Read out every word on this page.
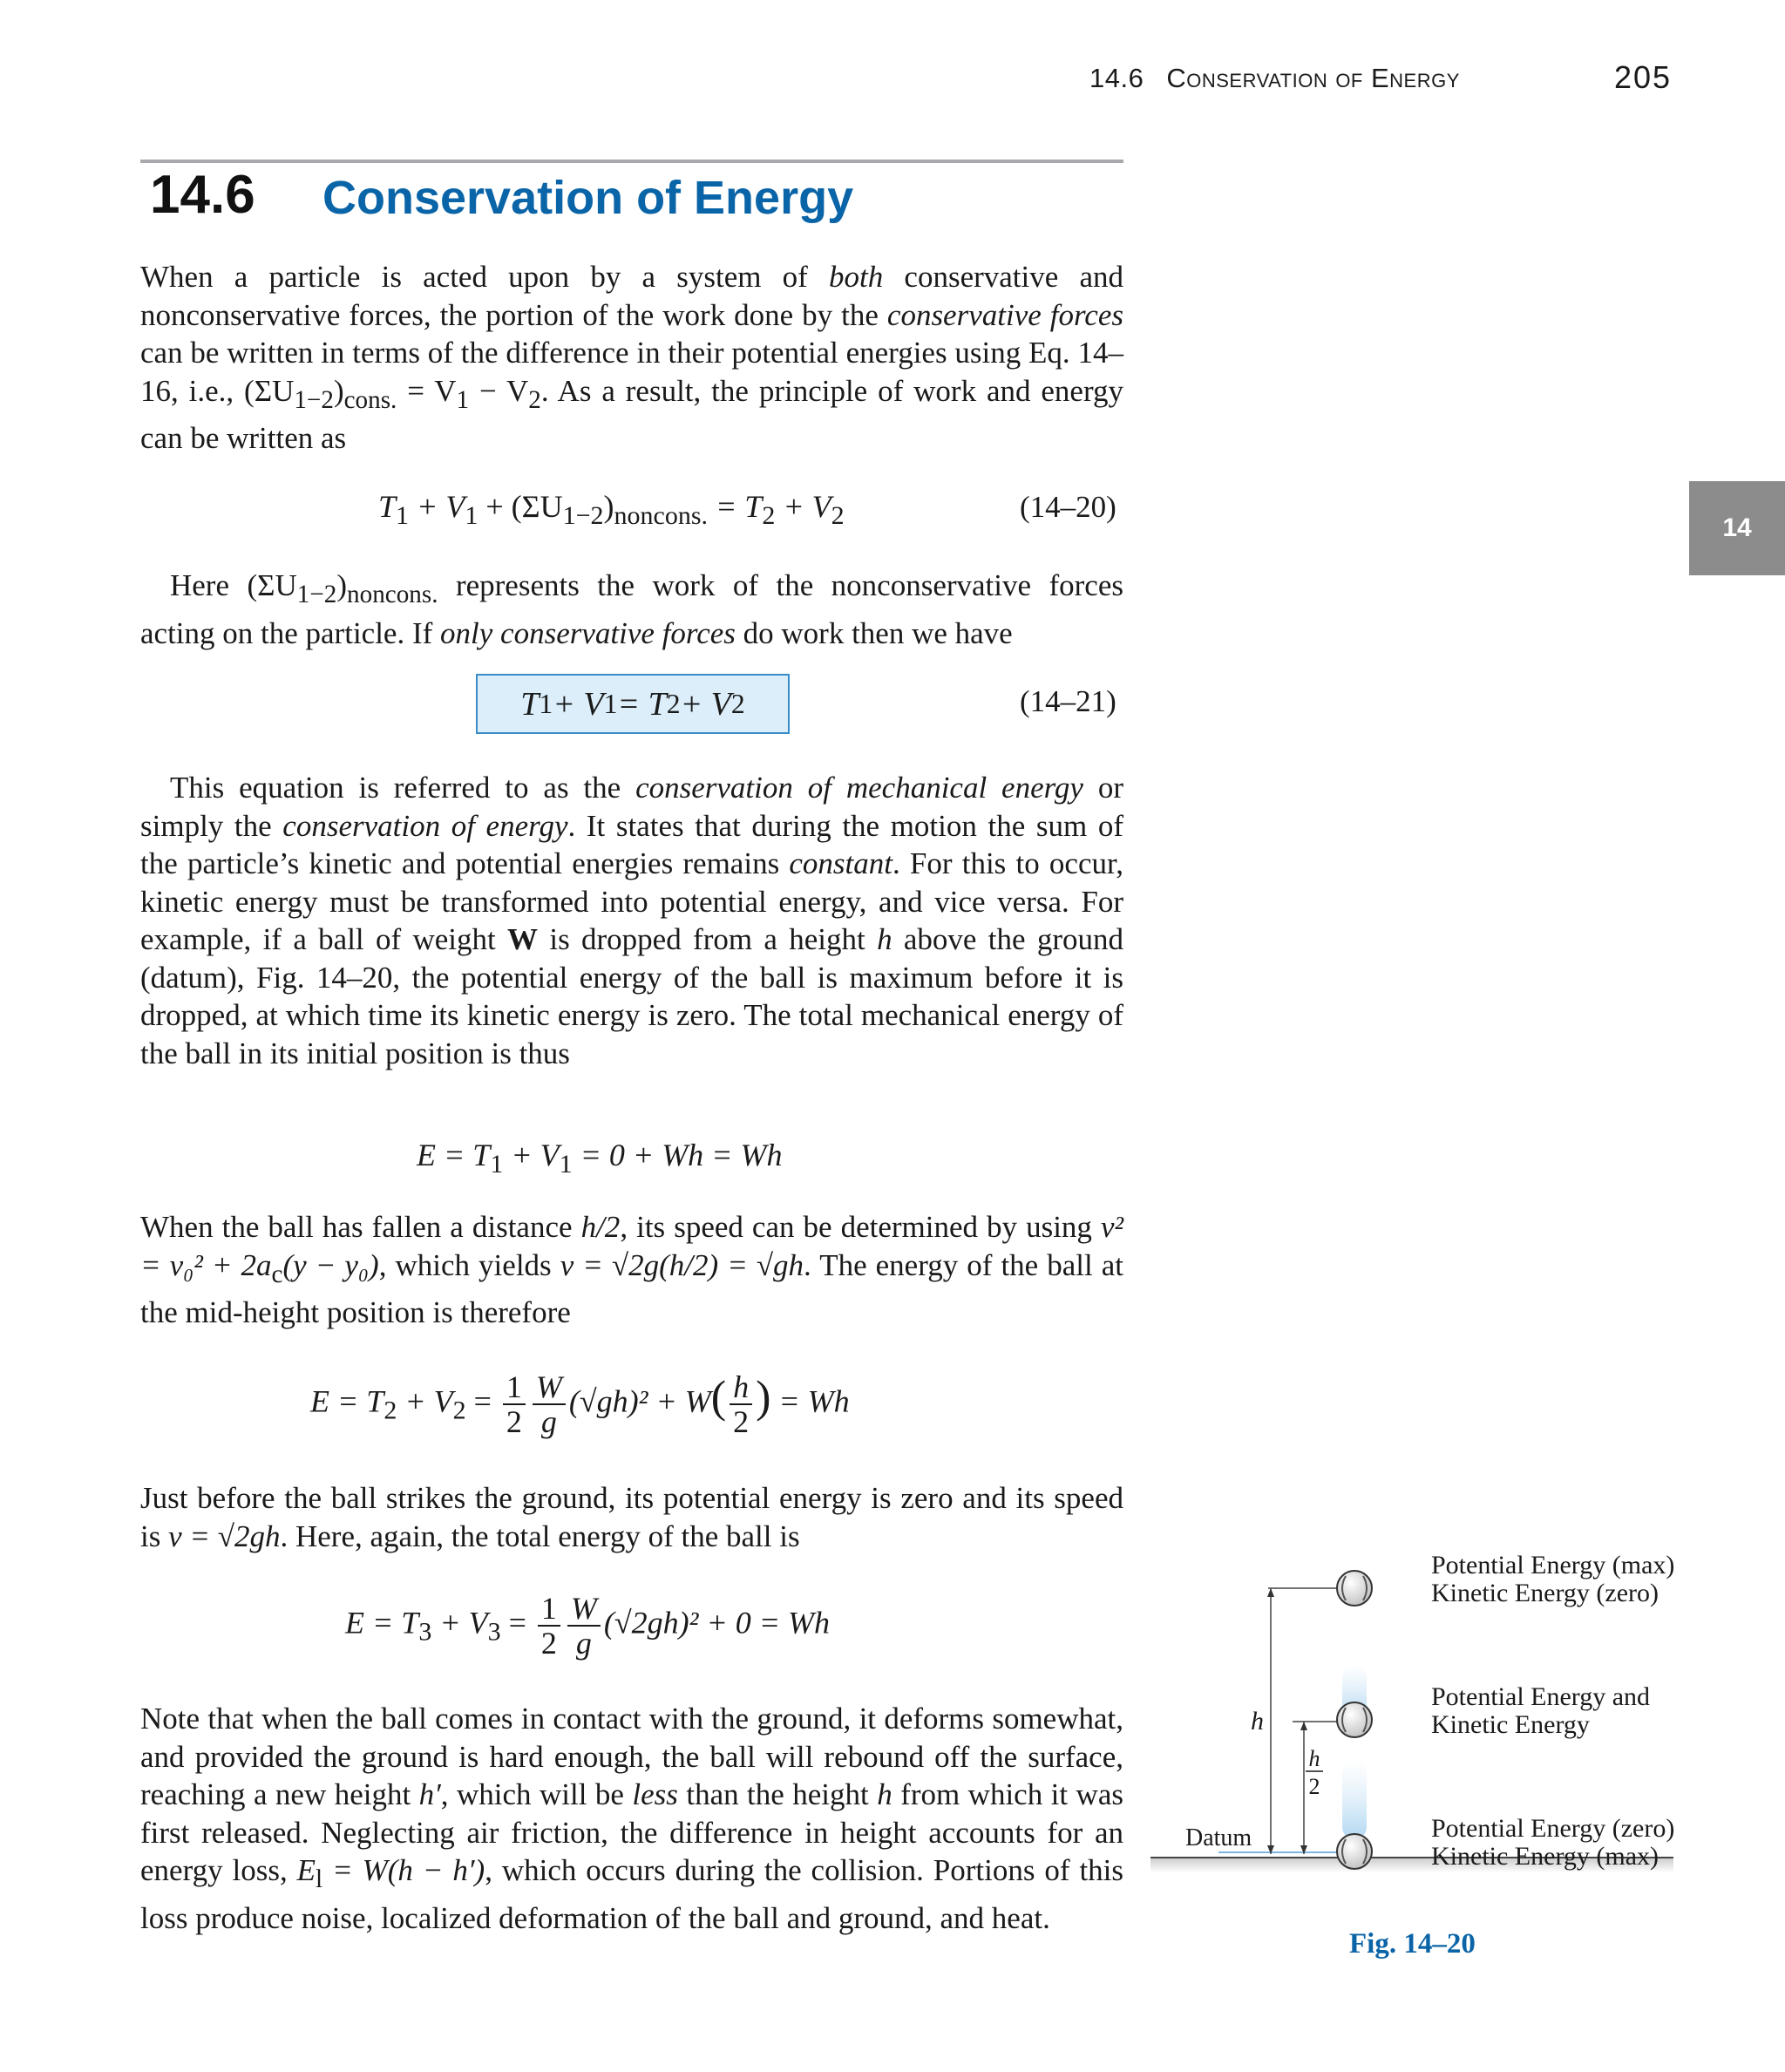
14.6 Conservation of Energy	205
14
14.6 Conservation of Energy

When a particle is acted upon by a system of both conservative and nonconservative forces, the portion of the work done by the conservative forces can be written in terms of the difference in their potential energies using Eq. 14–16, i.e., $(\Sigma U_{1-2})_{cons.} = V_1 - V_2$. As a result, the principle of work and energy can be written as

$T_1 + V_1 + (\Sigma U_{1-2})_{noncons.} = T_2 + V_2$	(14–20)

Here $(\Sigma U_{1-2})_{noncons.}$ represents the work of the nonconservative forces acting on the particle. If only conservative forces do work then we have

T 1 + V 1 = T 2 + V 2	(14–21)

This equation is referred to as the conservation of mechanical energy or simply the conservation of energy. It states that during the motion the sum of the particle’s kinetic and potential energies remains constant. For this to occur, kinetic energy must be transformed into potential energy, and vice versa. For example, if a ball of weight W is dropped from a height h above the ground (datum), Fig. 14–20, the potential energy of the ball is maximum before it is dropped, at which time its kinetic energy is zero. The total mechanical energy of the ball in its initial position is thus

$E = T_1 + V_1 = 0 + Wh = Wh$

When the ball has fallen a distance h/2, its speed can be determined by using $v^2 = v_0^2 + 2a_c(y - y_0)$, which yields v = √2g(h/2) = √gh. The energy of the ball at the mid-height position is therefore

$E = T_2 + V_2 = \frac{1}{2} \frac{W}{g} (√gh)^2 + W( \frac{h}{2}$ ) = Wh

Just before the ball strikes the ground, its potential energy is zero and its speed is v = √2gh. Here, again, the total energy of the ball is

$E = T_3 + V_3 = \frac{1}{2} \frac{W}{g} (√2gh)^2 + 0 = Wh$

Note that when the ball comes in contact with the ground, it deforms somewhat, and provided the ground is hard enough, the ball will rebound off the surface, reaching a new height h′, which will be less than the height h from which it was first released. Neglecting air friction, the difference in height accounts for an energy loss, $E_l = W(h - h')$, which occurs during the collision. Portions of this loss produce noise, localized deformation of the ball and ground, and heat.

h
h
2
Datum
Potential Energy (max)
Kinetic Energy (zero)
Potential Energy and
Kinetic Energy
Potential Energy (zero)
Kinetic Energy (max)
Fig. 14–20
